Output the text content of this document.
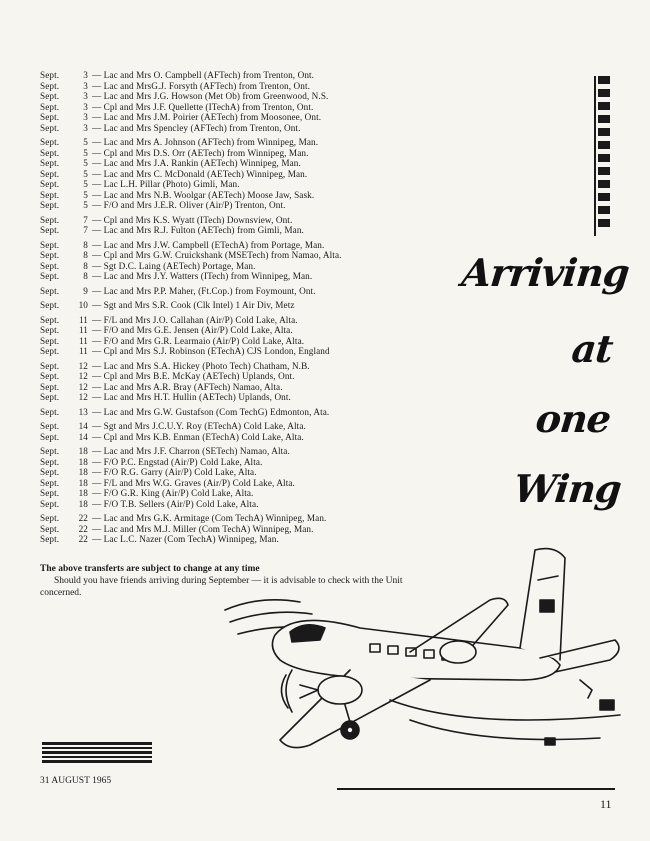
Sept.	3 — Lac and Mrs O. Campbell (AFTech) from Trenton, Ont.
Sept.	3 — Lac and MrsG.J. Forsyth (AFTech) from Trenton, Ont.
Sept.	3 — Lac and Mrs J.G. Howson (Met Ob) from Greenwood, N.S.
Sept.	3 — Cpl and Mrs J.F. Quellette (ITechA) from Trenton, Ont.
Sept.	3 — Lac and Mrs J.M. Poirier (AETech) from Moosonee, Ont.
Sept.	3 — Lac and Mrs Spencley (AFTech) from Trenton, Ont.
Sept.	5 — Lac and Mrs A. Johnson (AFTech) from Winnipeg, Man.
Sept.	5 — Cpl and Mrs D.S. Orr (AETech) from Winnipeg, Man.
Sept.	5 — Lac and Mrs J.A. Rankin (AETech) Winnipeg, Man.
Sept.	5 — Lac and Mrs C. McDonald (AETech) Winnipeg, Man.
Sept.	5 — Lac L.H. Pillar (Photo) Gimli, Man.
Sept.	5 — Lac and Mrs N.B. Woolgar (AETech) Moose Jaw, Sask.
Sept.	5 — F/O and Mrs J.E.R. Oliver (Air/P) Trenton, Ont.
Sept.	7 — Cpl and Mrs K.S. Wyatt (ITech) Downsview, Ont.
Sept.	7 — Lac and Mrs R.J. Fulton (AETech) from Gimli, Man.
Sept.	8 — Lac and Mrs J.W. Campbell (ETechA) from Portage, Man.
Sept.	8 — Cpl and Mrs G.W. Cruickshank (MSETech) from Namao, Alta.
Sept.	8 — Sgt D.C. Laing (AETech) Portage, Man.
Sept.	8 — Lac and Mrs J.Y. Watters (ITech) from Winnipeg, Man.
Sept.	9 — Lac and Mrs P.P. Maher, (Ft.Cop.) from Foymount, Ont.
Sept.	10 — Sgt and Mrs S.R. Cook (Clk Intel) 1 Air Div, Metz
Sept.	11 — F/L and Mrs J.O. Callahan (Air/P) Cold Lake, Alta.
Sept.	11 — F/O and Mrs G.E. Jensen (Air/P) Cold Lake, Alta.
Sept.	11 — F/O and Mrs G.R. Learmaio (Air/P) Cold Lake, Alta.
Sept.	11 — Cpl and Mrs S.J. Robinson (ETechA) CJS London, England
Sept.	12 — Lac and Mrs S.A. Hickey (Photo Tech) Chatham, N.B.
Sept.	12 — Cpl and Mrs B.E. McKay (AETech) Uplands, Ont.
Sept.	12 — Lac and Mrs A.R. Bray (AFTech) Namao, Alta.
Sept.	12 — Lac and Mrs H.T. Hullin (AETech) Uplands, Ont.
Sept.	13 — Lac and Mrs G.W. Gustafson (Com TechG) Edmonton, Ata.
Sept.	14 — Sgt and Mrs J.C.U.Y. Roy (ETechA) Cold Lake, Alta.
Sept.	14 — Cpl and Mrs K.B. Enman (ETechA) Cold Lake, Alta.
Sept.	18 — Lac and Mrs J.F. Charron (SETech) Namao, Alta.
Sept.	18 — F/O P.C. Engstad (Air/P) Cold Lake, Alta.
Sept.	18 — F/O R.G. Garry (Air/P) Cold Lake, Alta.
Sept.	18 — F/L and Mrs W.G. Graves (Air/P) Cold Lake, Alta.
Sept.	18 — F/O G.R. King (Air/P) Cold Lake, Alta.
Sept.	18 — F/O T.B. Sellers (Air/P) Cold Lake, Alta.
Sept.	22 — Lac and Mrs G.K. Armitage (Com TechA) Winnipeg, Man.
Sept.	22 — Lac and Mrs M.J. Miller (Com TechA) Winnipeg, Man.
Sept.	22 — Lac L.C. Nazer (Com TechA) Winnipeg, Man.
The above transferts are subject to change at any time
Should you have friends arriving during September — it is advisable to check with the Unit concerned.
Arriving
at
one
Wing
31 AUGUST 1965
11
